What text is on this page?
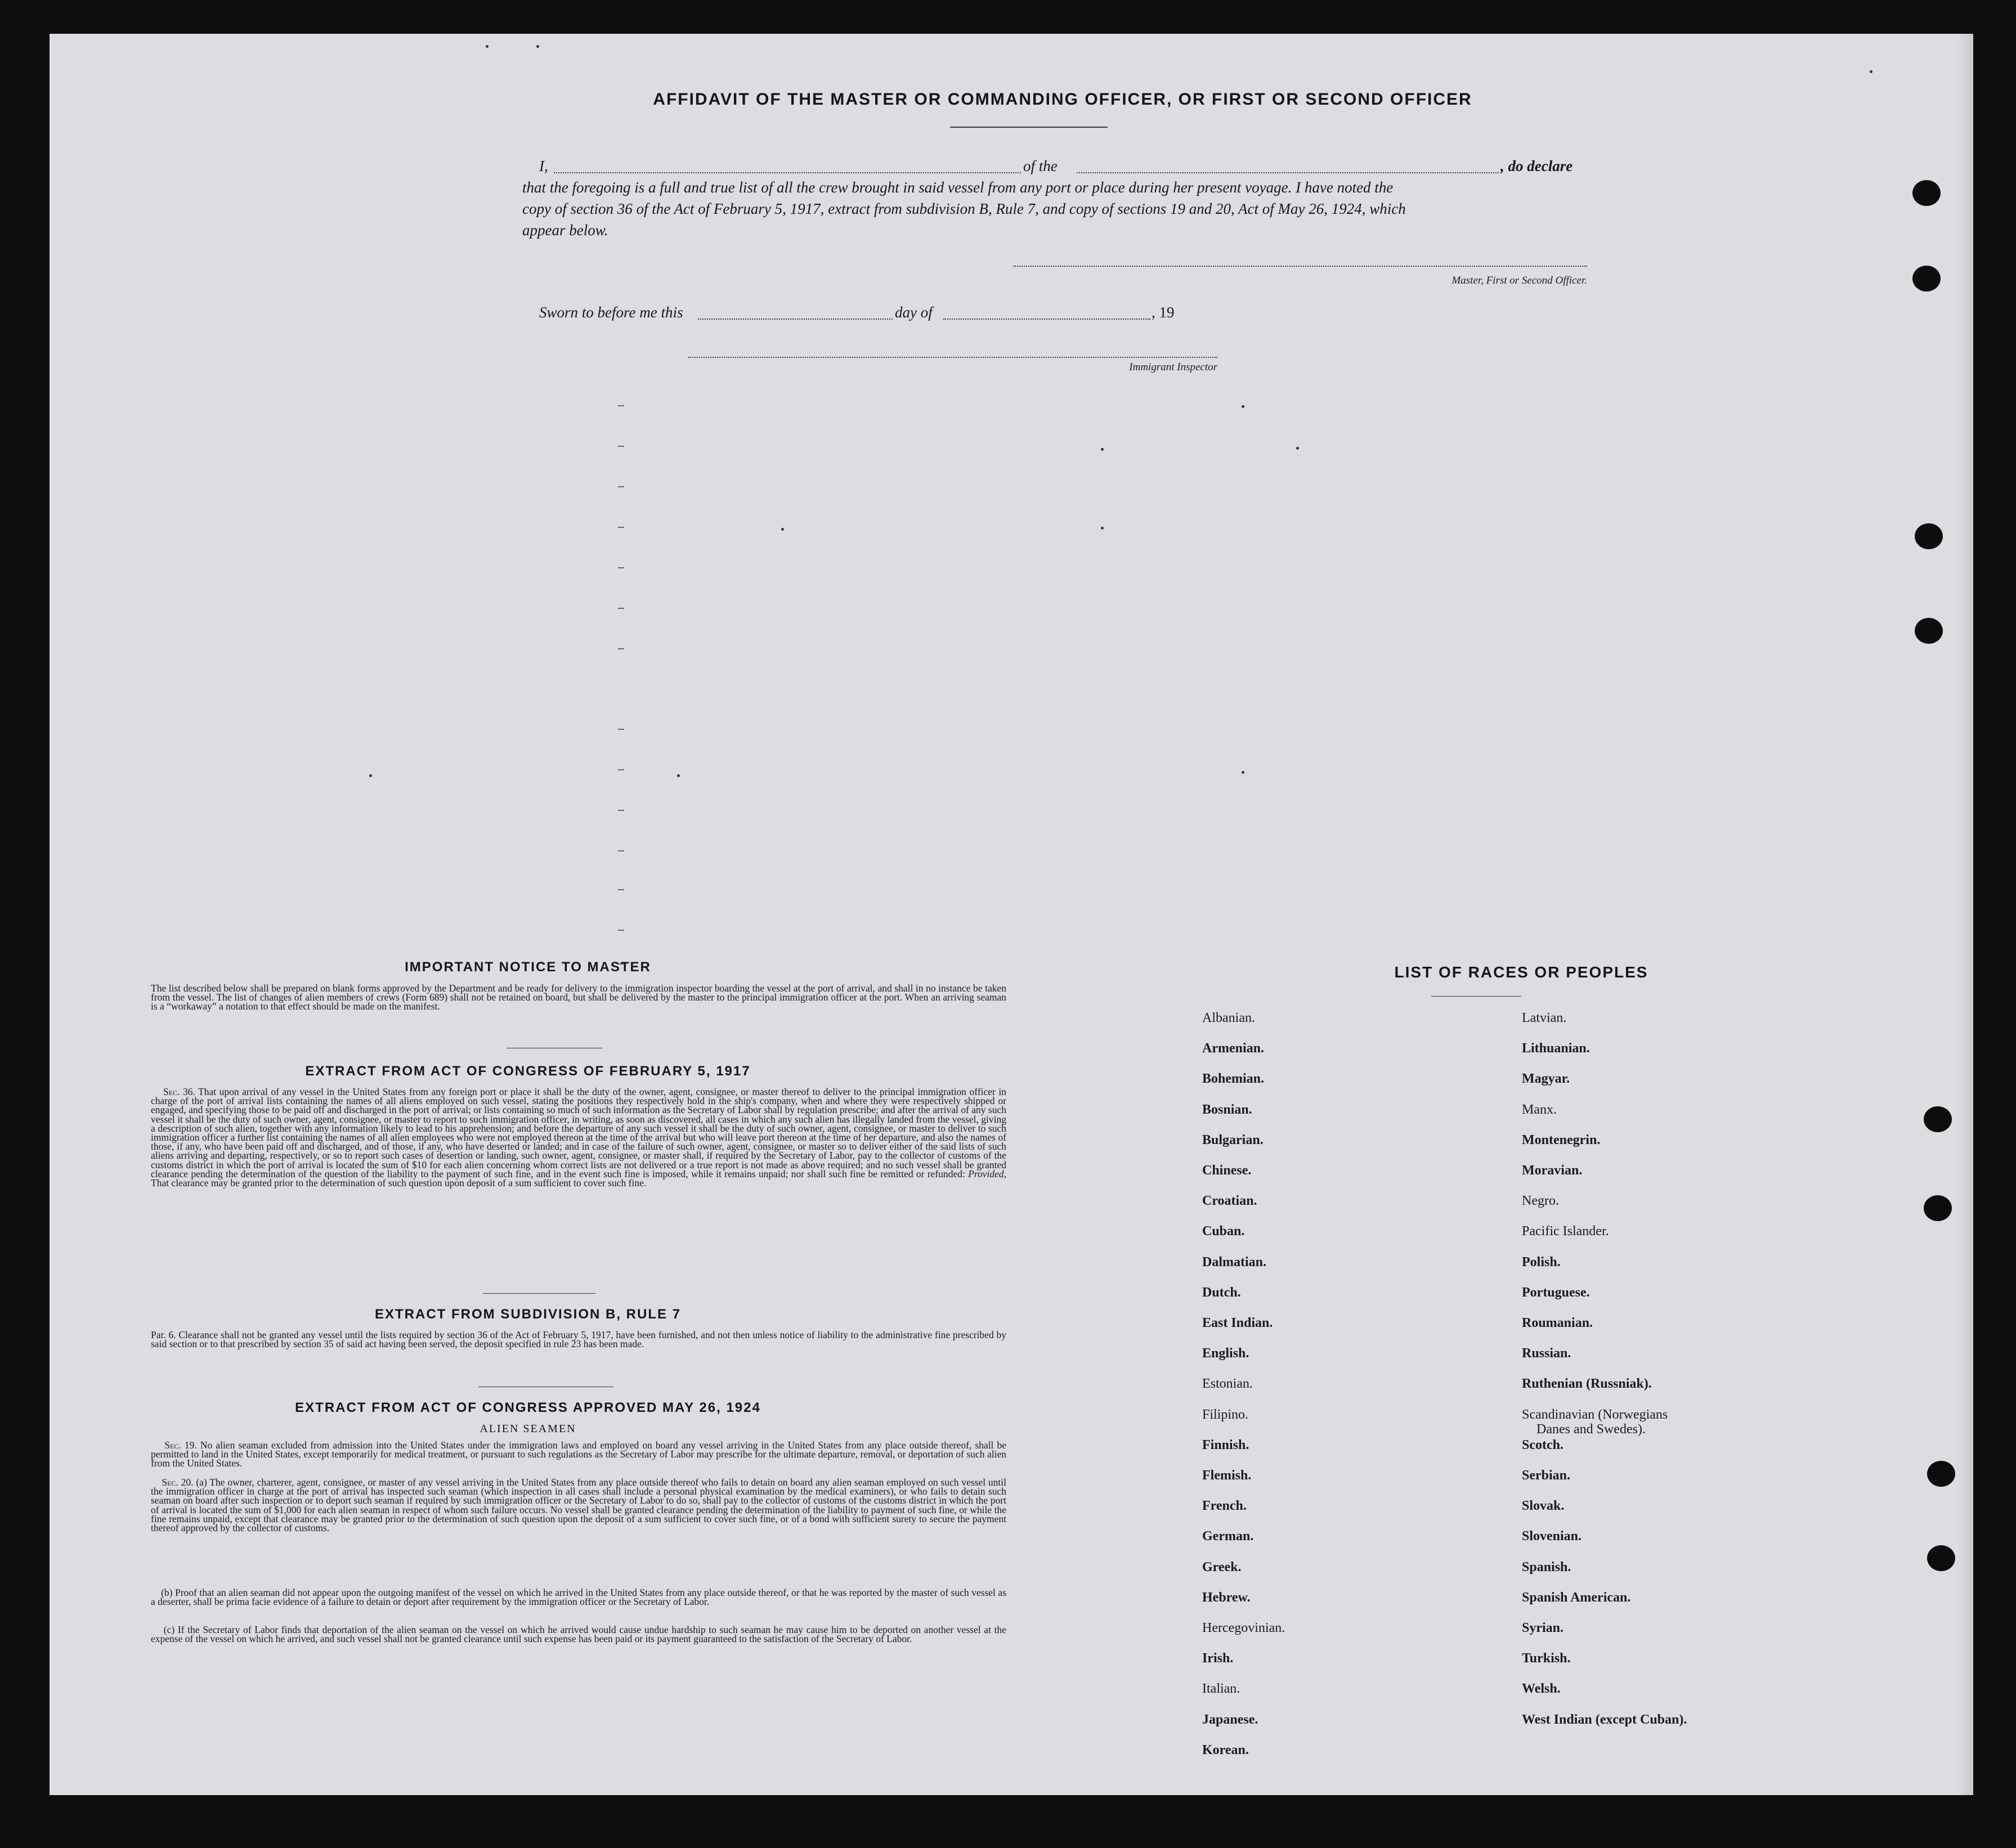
AFFIDAVIT OF THE MASTER OR COMMANDING OFFICER, OR FIRST OR SECOND OFFICER
I,	of the	, do declare
that the foregoing is a full and true list of all the crew brought in said vessel from any port or place during her present voyage. I have noted the
copy of section 36 of the Act of February 5, 1917, extract from subdivision B, Rule 7, and copy of sections 19 and 20, Act of May 26, 1924, which
appear below.
Master, First or Second Officer.
Sworn to before me this	day of	, 19
Immigrant Inspector
IMPORTANT NOTICE TO MASTER

The list described below shall be prepared on blank forms approved by the Department and be ready for delivery to the immigration inspector boarding the vessel at the port of arrival, and shall in no instance be taken from the vessel. The list of changes of alien members of crews (Form 689) shall not be retained on board, but shall be delivered by the master to the principal immigration officer at the port. When an arriving seaman is a “workaway” a notation to that effect should be made on the manifest.

EXTRACT FROM ACT OF CONGRESS OF FEBRUARY 5, 1917

Sec. 36. That upon arrival of any vessel in the United States from any foreign port or place it shall be the duty of the owner, agent, consignee, or master thereof to deliver to the principal immigration officer in charge of the port of arrival lists containing the names of all aliens employed on such vessel, stating the positions they respectively hold in the ship's company, when and where they were respectively shipped or engaged, and specifying those to be paid off and discharged in the port of arrival; or lists containing so much of such information as the Secretary of Labor shall by regulation prescribe; and after the arrival of any such vessel it shall be the duty of such owner, agent, consignee, or master to report to such immigration officer, in writing, as soon as discovered, all cases in which any such alien has illegally landed from the vessel, giving a description of such alien, together with any information likely to lead to his apprehension; and before the departure of any such vessel it shall be the duty of such owner, agent, consignee, or master to deliver to such immigration officer a further list containing the names of all alien employees who were not employed thereon at the time of the arrival but who will leave port thereon at the time of her departure, and also the names of those, if any, who have been paid off and discharged, and of those, if any, who have deserted or landed; and in case of the failure of such owner, agent, consignee, or master so to deliver either of the said lists of such aliens arriving and departing, respectively, or so to report such cases of desertion or landing, such owner, agent, consignee, or master shall, if required by the Secretary of Labor, pay to the collector of customs of the customs district in which the port of arrival is located the sum of $10 for each alien concerning whom correct lists are not delivered or a true report is not made as above required; and no such vessel shall be granted clearance pending the determination of the question of the liability to the payment of such fine, and in the event such fine is imposed, while it remains unpaid; nor shall such fine be remitted or refunded: Provided, That clearance may be granted prior to the determination of such question upon deposit of a sum sufficient to cover such fine.

EXTRACT FROM SUBDIVISION B, RULE 7

Par. 6. Clearance shall not be granted any vessel until the lists required by section 36 of the Act of February 5, 1917, have been furnished, and not then unless notice of liability to the administrative fine prescribed by said section or to that prescribed by section 35 of said act having been served, the deposit specified in rule 23 has been made.

EXTRACT FROM ACT OF CONGRESS APPROVED MAY 26, 1924
ALIEN SEAMEN

Sec. 19. No alien seaman excluded from admission into the United States under the immigration laws and employed on board any vessel arriving in the United States from any place outside thereof, shall be permitted to land in the United States, except temporarily for medical treatment, or pursuant to such regulations as the Secretary of Labor may prescribe for the ultimate departure, removal, or deportation of such alien from the United States.

Sec. 20. (a) The owner, charterer, agent, consignee, or master of any vessel arriving in the United States from any place outside thereof who fails to detain on board any alien seaman employed on such vessel until the immigration officer in charge at the port of arrival has inspected such seaman (which inspection in all cases shall include a personal physical examination by the medical examiners), or who fails to detain such seaman on board after such inspection or to deport such seaman if required by such immigration officer or the Secretary of Labor to do so, shall pay to the collector of customs of the customs district in which the port of arrival is located the sum of $1,000 for each alien seaman in respect of whom such failure occurs. No vessel shall be granted clearance pending the determination of the liability to payment of such fine, or while the fine remains unpaid, except that clearance may be granted prior to the determination of such question upon the deposit of a sum sufficient to cover such fine, or of a bond with sufficient surety to secure the payment thereof approved by the collector of customs.

(b) Proof that an alien seaman did not appear upon the outgoing manifest of the vessel on which he arrived in the United States from any place outside thereof, or that he was reported by the master of such vessel as a deserter, shall be prima facie evidence of a failure to detain or deport after requirement by the immigration officer or the Secretary of Labor.

(c) If the Secretary of Labor finds that deportation of the alien seaman on the vessel on which he arrived would cause undue hardship to such seaman he may cause him to be deported on another vessel at the expense of the vessel on which he arrived, and such vessel shall not be granted clearance until such expense has been paid or its payment guaranteed to the satisfaction of the Secretary of Labor.

LIST OF RACES OR PEOPLES
Albanian.
Armenian.
Bohemian.
Bosnian.
Bulgarian.
Chinese.
Croatian.
Cuban.
Dalmatian.
Dutch.
East Indian.
English.
Estonian.
Filipino.
Finnish.
Flemish.
French.
German.
Greek.
Hebrew.
Hercegovinian.
Irish.
Italian.
Japanese.
Korean.
Latvian.
Lithuanian.
Magyar.
Manx.
Montenegrin.
Moravian.
Negro.
Pacific Islander.
Polish.
Portuguese.
Roumanian.
Russian.
Ruthenian (Russniak).
Scandinavian (Norwegians
Danes and Swedes).
Scotch.
Serbian.
Slovak.
Slovenian.
Spanish.
Spanish American.
Syrian.
Turkish.
Welsh.
West Indian (except Cuban).
